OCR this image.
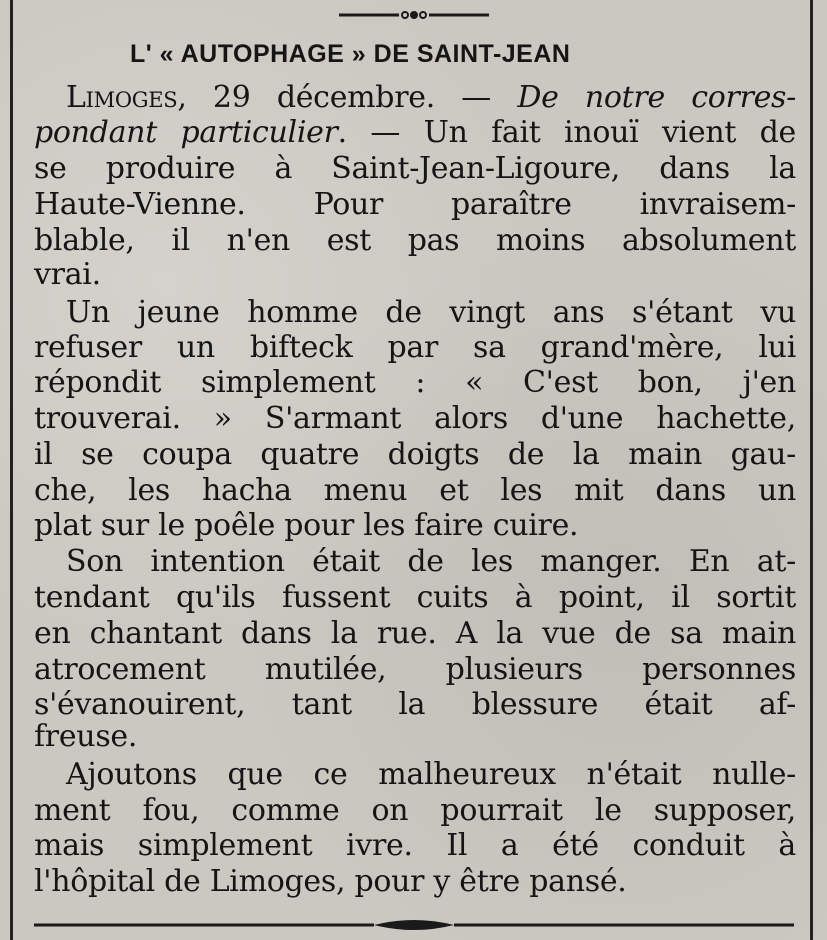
L' « AUTOPHAGE » DE SAINT-JEAN
Limoges, 29 décembre. — De notre corres-
pondant particulier. — Un fait inouï vient de
se produire à Saint-Jean-Ligoure, dans la
Haute-Vienne. Pour paraître invraisem-
blable, il n'en est pas moins absolument
vrai.
Un jeune homme de vingt ans s'étant vu
refuser un bifteck par sa grand'mère, lui
répondit simplement : « C'est bon, j'en
trouverai. » S'armant alors d'une hachette,
il se coupa quatre doigts de la main gau-
che, les hacha menu et les mit dans un
plat sur le poêle pour les faire cuire.
Son intention était de les manger. En at-
tendant qu'ils fussent cuits à point, il sortit
en chantant dans la rue. A la vue de sa main
atrocement mutilée, plusieurs personnes
s'évanouirent, tant la blessure était af-
freuse.
Ajoutons que ce malheureux n'était nulle-
ment fou, comme on pourrait le supposer,
mais simplement ivre. Il a été conduit à
l'hôpital de Limoges, pour y être pansé.
